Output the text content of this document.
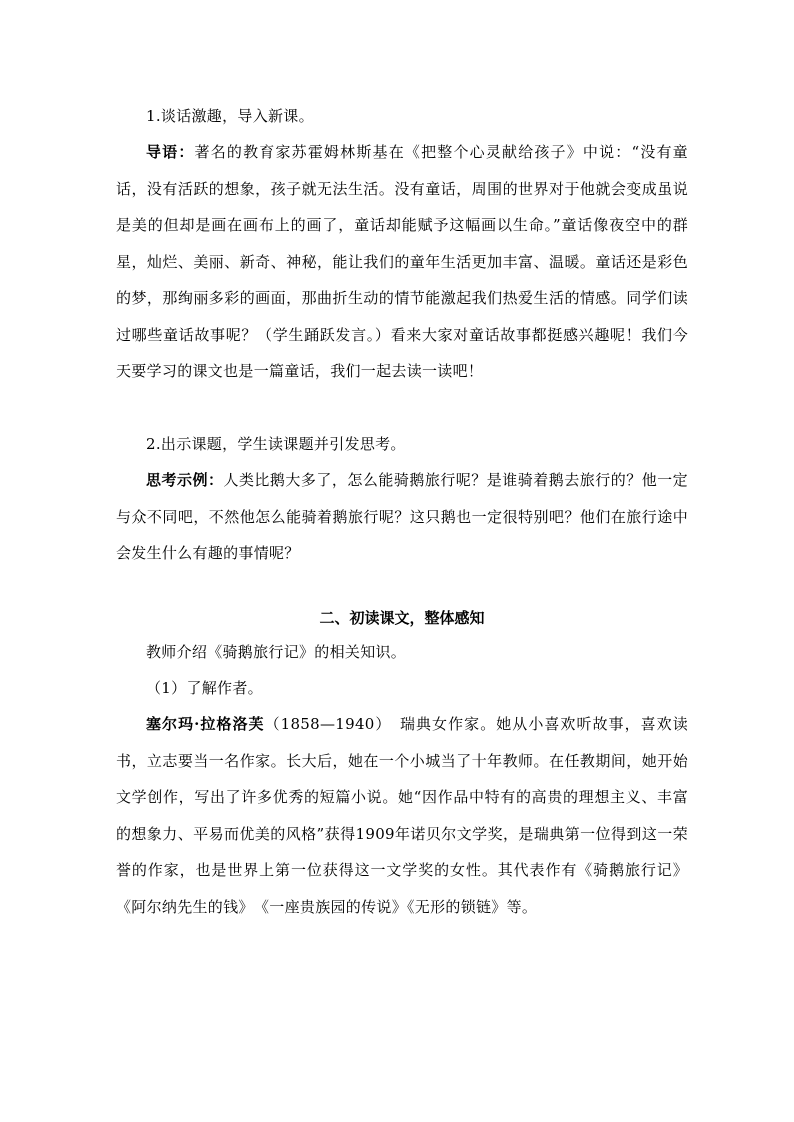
1.谈话激趣，导入新课。

导语：著名的教育家苏霍姆林斯基在《把整个心灵献给孩子》中说：“没有童话，没有活跃的想象，孩子就无法生活。没有童话，周围的世界对于他就会变成虽说是美的但却是画在画布上的画了，童话却能赋予这幅画以生命。”童话像夜空中的群星，灿烂、美丽、新奇、神秘，能让我们的童年生活更加丰富、温暖。童话还是彩色的梦，那绚丽多彩的画面，那曲折生动的情节能激起我们热爱生活的情感。同学们读过哪些童话故事呢？（学生踊跃发言。）看来大家对童话故事都挺感兴趣呢！我们今天要学习的课文也是一篇童话，我们一起去读一读吧！

2.出示课题，学生读课题并引发思考。

思考示例：人类比鹅大多了，怎么能骑鹅旅行呢？是谁骑着鹅去旅行的？他一定与众不同吧，不然他怎么能骑着鹅旅行呢？这只鹅也一定很特别吧？他们在旅行途中会发生什么有趣的事情呢？

二、初读课文，整体感知

教师介绍《骑鹅旅行记》的相关知识。

（1）了解作者。

塞尔玛·拉格洛芙（1858—1940）　瑞典女作家。她从小喜欢听故事，喜欢读书，立志要当一名作家。长大后，她在一个小城当了十年教师。在任教期间，她开始文学创作，写出了许多优秀的短篇小说。她“因作品中特有的高贵的理想主义、丰富的想象力、平易而优美的风格”获得1909年诺贝尔文学奖，是瑞典第一位得到这一荣誉的作家，也是世界上第一位获得这一文学奖的女性。其代表作有《骑鹅旅行记》《阿尔纳先生的钱》　《一座贵族园的传说》《无形的锁链》等。
